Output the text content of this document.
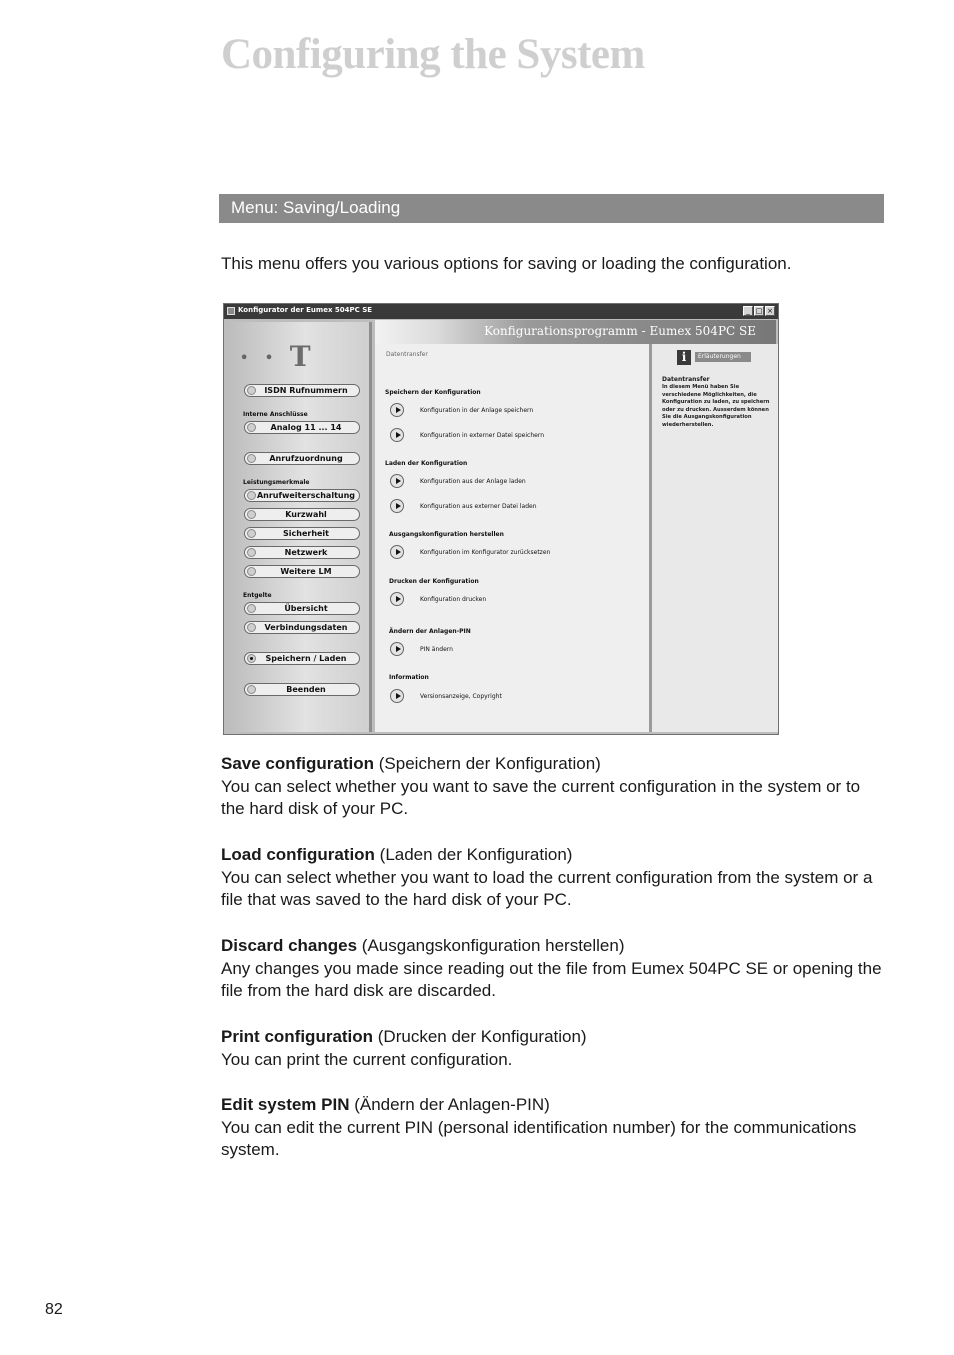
Configuring the System
Menu: Saving/Loading
This menu offers you various options for saving or loading the configuration.
Konfigurator der Eumex 504PC SE	_ □ ×
• • T
ISDN Rufnummern
Interne Anschlüsse
Analog 11 ... 14
Anrufzuordnung
Leistungsmerkmale
Anrufweiterschaltung
Kurzwahl
Sicherheit
Netzwerk
Weitere LM
Entgelte
Übersicht
Verbindungsdaten
Speichern / Laden
Beenden
Konfigurationsprogramm - Eumex 504PC SE
Datentransfer
Speichern der Konfiguration
Konfiguration in der Anlage speichern
Konfiguration in externer Datei speichern
Laden der Konfiguration
Konfiguration aus der Anlage laden
Konfiguration aus externer Datei laden
Ausgangskonfiguration herstellen
Konfiguration im Konfigurator zurücksetzen
Drucken der Konfiguration
Konfiguration drucken
Ändern der Anlagen-PIN
PIN ändern
Information
Versionsanzeige, Copyright
i	Erläuterungen
Datentransfer
In diesem Menü haben Sie verschiedene Möglichkeiten, die Konfiguration zu laden, zu speichern oder zu drucken. Ausserdem können Sie die Ausgangskonfiguration wiederherstellen.
Save configuration (Speichern der Konfiguration)
You can select whether you want to save the current configuration in the system or to the hard disk of your PC.
Load configuration (Laden der Konfiguration)
You can select whether you want to load the current configuration from the system or a file that was saved to the hard disk of your PC.
Discard changes (Ausgangskonfiguration herstellen)
Any changes you made since reading out the file from Eumex 504PC SE or opening the file from the hard disk are discarded.
Print configuration (Drucken der Konfiguration)
You can print the current configuration.
Edit system PIN (Ändern der Anlagen-PIN)
You can edit the current PIN (personal identification number) for the communications system.
82
